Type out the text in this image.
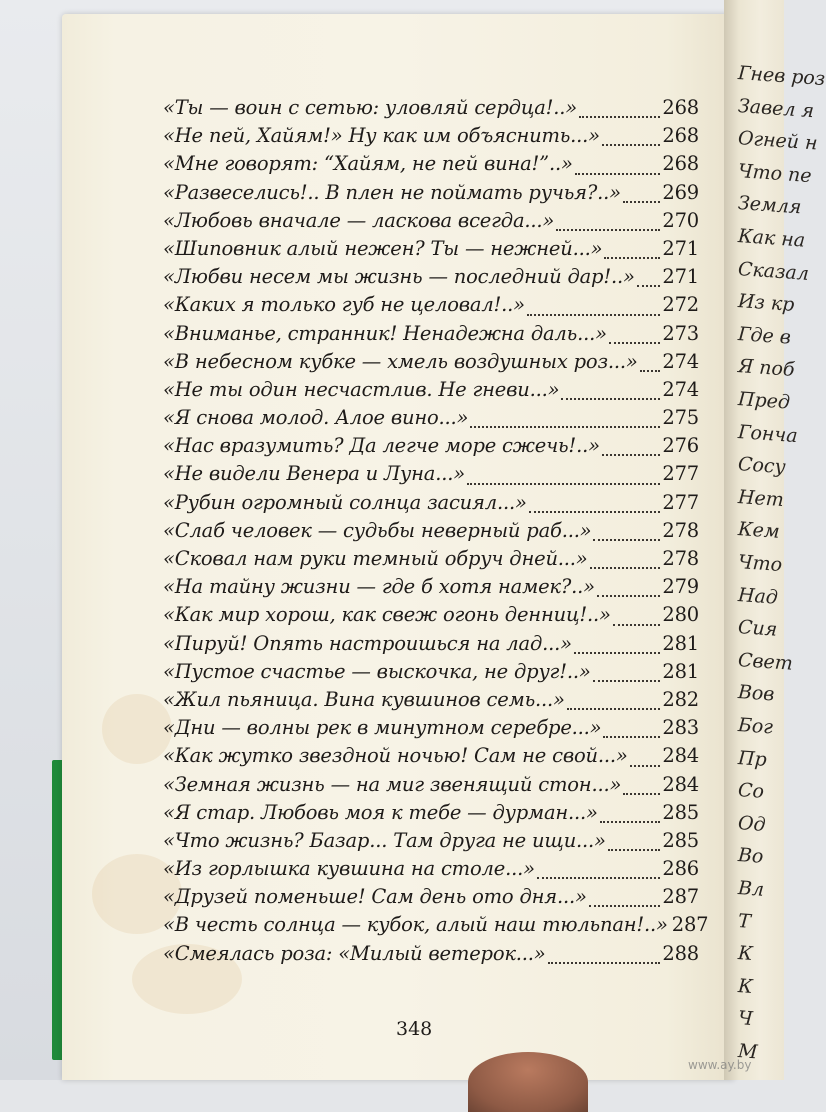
Гнев роз
Завел я
Огней н
Что пе
Земля
Как на
Сказал
Из кр
Где в
Я поб
Пред
Гонча
Сосу
Нет
Кем
Что
Над
Сия
Свет
Вов
Бог
Пр
Со
Од
Во
Вл
Т
К
К
Ч
М
«Ты — воин с сетью: уловляй сердца!..»	268
«Не пей, Хайям!» Ну как им объяснить...»	268
«Мне говорят: “Хайям, не пей вина!”..»	268
«Развеселись!.. В плен не поймать ручья?..» 269
«Любовь вначале — ласкова всегда...»	270
«Шиповник алый нежен? Ты — нежней...»	271
«Любви несем мы жизнь — последний дар!..» 271
«Каких я только губ не целовал!..»	272
«Вниманье, странник! Ненадежна даль...»	273
«В небесном кубке — хмель воздушных роз...» 274
«Не ты один несчастлив. Не гневи...»	274
«Я снова молод. Алое вино...»	275
«Нас вразумить? Да легче море сжечь!..»	276
«Не видели Венера и Луна...»	277
«Рубин огромный солнца засиял...»	277
«Слаб человек — судьбы неверный раб...»	278
«Сковал нам руки темный обруч дней...»	278
«На тайну жизни — где б хотя намек?..»	279
«Как мир хорош, как свеж огонь денниц!..»	280
«Пируй! Опять настроишься на лад...»	281
«Пустое счастье — выскочка, не друг!..»	281
«Жил пьяница. Вина кувшинов семь...»	282
«Дни — волны рек в минутном серебре...»	283
«Как жутко звездной ночью! Сам не свой...» 284
«Земная жизнь — на миг звенящий стон...» 284
«Я стар. Любовь моя к тебе — дурман...»	285
«Что жизнь? Базар... Там друга не ищи...»	285
«Из горлышка кувшина на столе...»	286
«Друзей поменьше! Сам день ото дня...»	287
«В честь солнца — кубок, алый наш тюльпан!..» 287
«Смеялась роза: «Милый ветерок...»	288
348
www.ay.by
